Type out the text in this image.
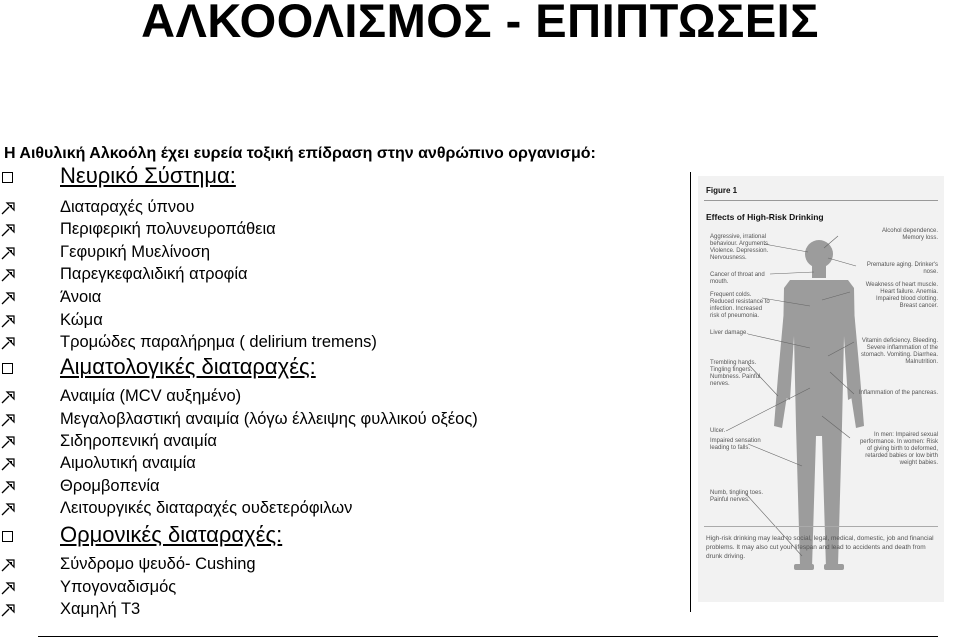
ΑΛΚΟΟΛΙΣΜΟΣ - ΕΠΙΠΤΩΣΕΙΣ
Η Αιθυλική Αλκοόλη έχει ευρεία τοξική επίδραση στην ανθρώπινο οργανισμό:
Νευρικό Σύστημα:
Διαταραχές ύπνου
Περιφερική πολυνευροπάθεια
Γεφυρική Μυελίνοση
Παρεγκεφαλιδική ατροφία
Άνοια
Κώμα
Τρομώδες παραλήρημα ( delirium tremens)
Αιματολογικές διαταραχές:
Αναιμία (MCV αυξημένο)
Μεγαλοβλαστική αναιμία (λόγω έλλειψης φυλλικού οξέος)
Σιδηροπενική αναιμία
Αιμολυτική αναιμία
Θρομβοπενία
Λειτουργικές διαταραχές ουδετερόφιλων
Ορμονικές διαταραχές:
Σύνδρομο ψευδό- Cushing
Υπογοναδισμός
Χαμηλή Τ3
Figure 1
Effects of High-Risk Drinking
Aggressive, irrational behaviour. Arguments. Violence. Depression. Nervousness.
Cancer of throat and mouth.
Frequent colds. Reduced resistance to infection. Increased risk of pneumonia.
Liver damage.
Trembling hands. Tingling fingers. Numbness. Painful nerves.
Ulcer.
Impaired sensation leading to falls.
Numb, tingling toes. Painful nerves.
Alcohol dependence. Memory loss.
Premature aging. Drinker's nose.
Weakness of heart muscle. Heart failure. Anemia. Impaired blood clotting. Breast cancer.
Vitamin deficiency. Bleeding. Severe inflammation of the stomach. Vomiting. Diarrhea. Malnutrition.
Inflammation of the pancreas.
In men: Impaired sexual performance. In women: Risk of giving birth to deformed, retarded babies or low birth weight babies.
High-risk drinking may lead to social, legal, medical, domestic, job and financial problems. It may also cut your lifespan and lead to accidents and death from drunk driving.
